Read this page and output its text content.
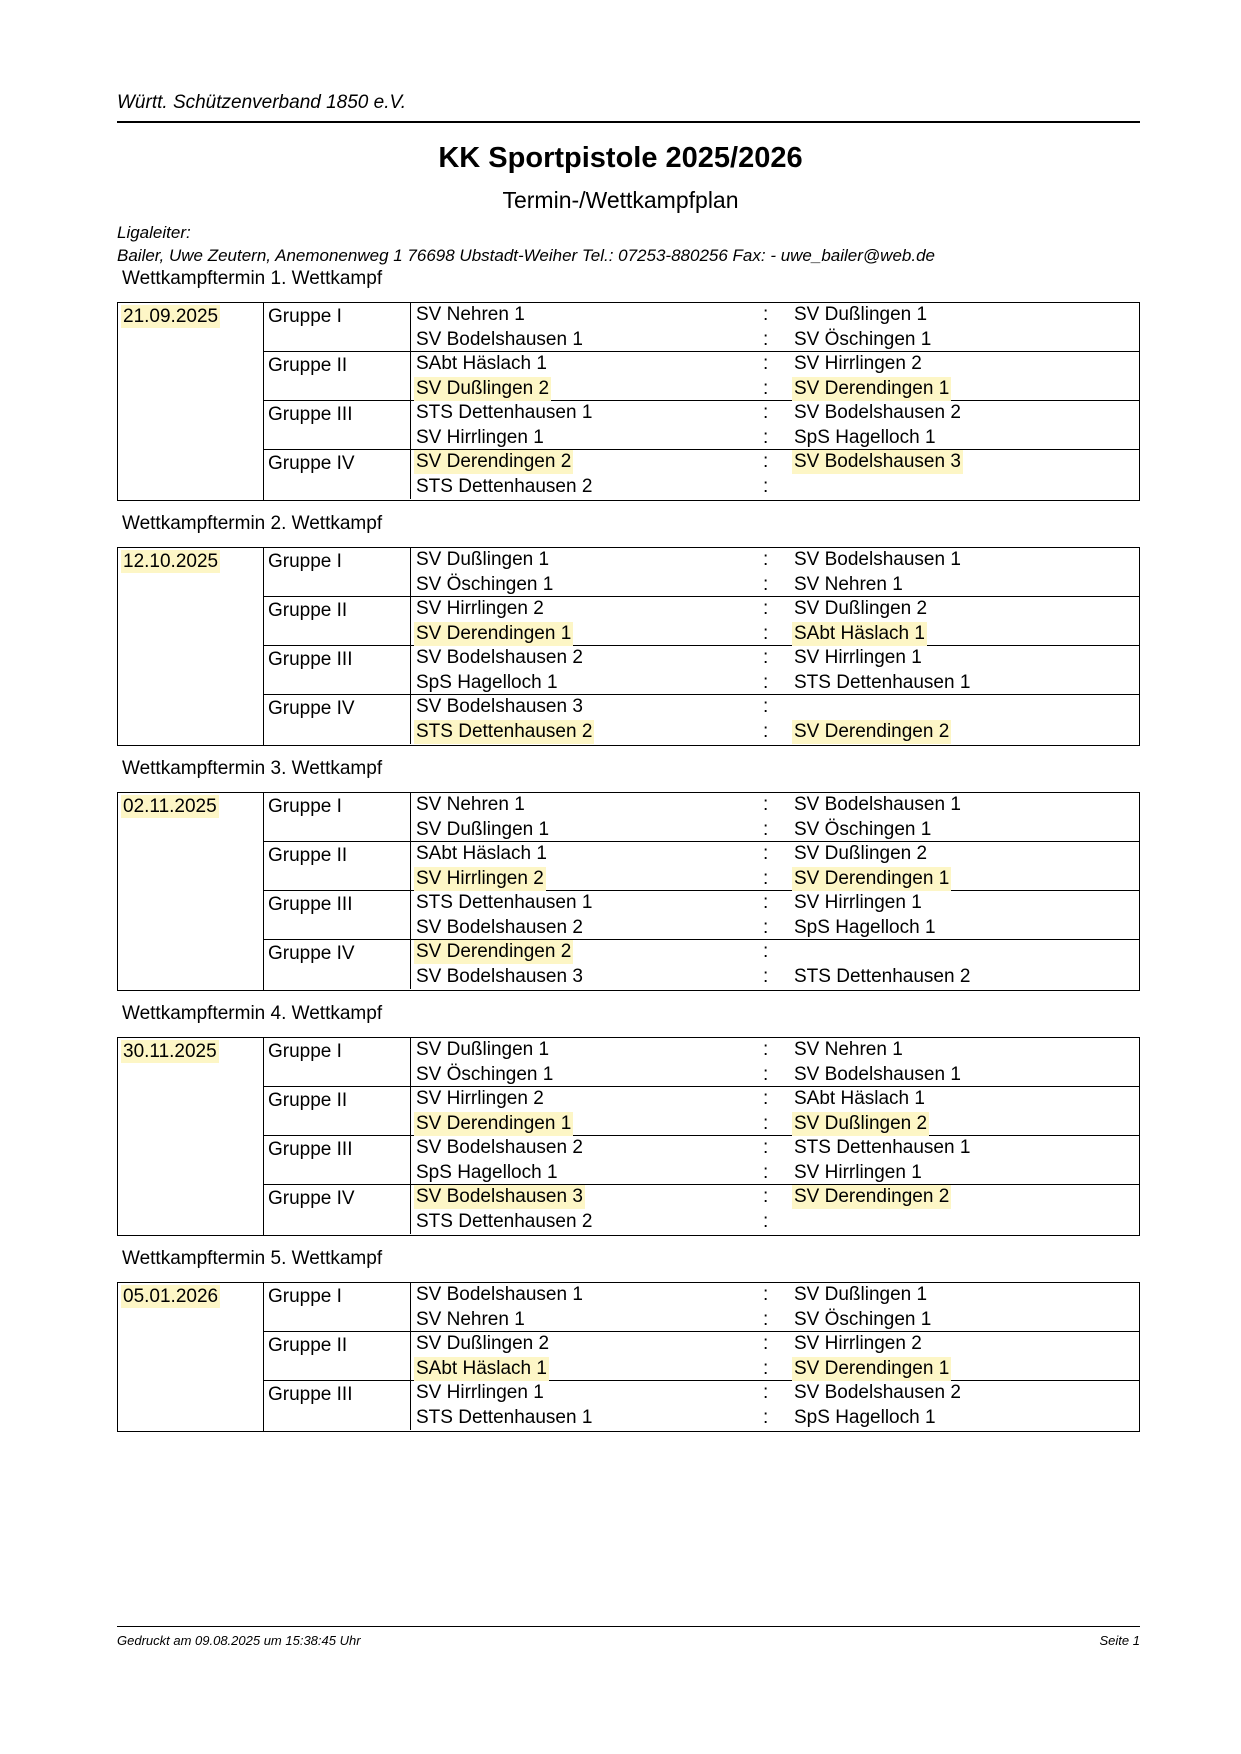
Württ. Schützenverband 1850 e.V.
KK Sportpistole 2025/2026
Termin-/Wettkampfplan
Ligaleiter:
Bailer, Uwe Zeutern, Anemonenweg 1 76698 Ubstadt-Weiher Tel.: 07253-880256 Fax: - uwe_bailer@web.de
Wettkampftermin 1. Wettkampf
21.09.2025	Gruppe I	SV Nehren 1	: SV Dußlingen 1
SV Bodelshausen 1	: SV Öschingen 1
Gruppe II	SAbt Häslach 1	: SV Hirrlingen 2
SV Dußlingen 2	: SV Derendingen 1
Gruppe III	STS Dettenhausen 1	: SV Bodelshausen 2
SV Hirrlingen 1	: SpS Hagelloch 1
Gruppe IV	SV Derendingen 2	: SV Bodelshausen 3
STS Dettenhausen 2	:
Wettkampftermin 2. Wettkampf
12.10.2025	Gruppe I	SV Dußlingen 1	: SV Bodelshausen 1
SV Öschingen 1	: SV Nehren 1
Gruppe II	SV Hirrlingen 2	: SV Dußlingen 2
SV Derendingen 1	: SAbt Häslach 1
Gruppe III	SV Bodelshausen 2	: SV Hirrlingen 1
SpS Hagelloch 1	: STS Dettenhausen 1
Gruppe IV	SV Bodelshausen 3	:
STS Dettenhausen 2	: SV Derendingen 2
Wettkampftermin 3. Wettkampf
02.11.2025	Gruppe I	SV Nehren 1	: SV Bodelshausen 1
SV Dußlingen 1	: SV Öschingen 1
Gruppe II	SAbt Häslach 1	: SV Dußlingen 2
SV Hirrlingen 2	: SV Derendingen 1
Gruppe III	STS Dettenhausen 1	: SV Hirrlingen 1
SV Bodelshausen 2	: SpS Hagelloch 1
Gruppe IV	SV Derendingen 2	:
SV Bodelshausen 3	: STS Dettenhausen 2
Wettkampftermin 4. Wettkampf
30.11.2025	Gruppe I	SV Dußlingen 1	: SV Nehren 1
SV Öschingen 1	: SV Bodelshausen 1
Gruppe II	SV Hirrlingen 2	: SAbt Häslach 1
SV Derendingen 1	: SV Dußlingen 2
Gruppe III	SV Bodelshausen 2	: STS Dettenhausen 1
SpS Hagelloch 1	: SV Hirrlingen 1
Gruppe IV	SV Bodelshausen 3	: SV Derendingen 2
STS Dettenhausen 2	:
Wettkampftermin 5. Wettkampf
05.01.2026	Gruppe I	SV Bodelshausen 1	: SV Dußlingen 1
SV Nehren 1	: SV Öschingen 1
Gruppe II	SV Dußlingen 2	: SV Hirrlingen 2
SAbt Häslach 1	: SV Derendingen 1
Gruppe III	SV Hirrlingen 1	: SV Bodelshausen 2
STS Dettenhausen 1	: SpS Hagelloch 1
Gedruckt am 09.08.2025 um 15:38:45 Uhr	Seite 1
